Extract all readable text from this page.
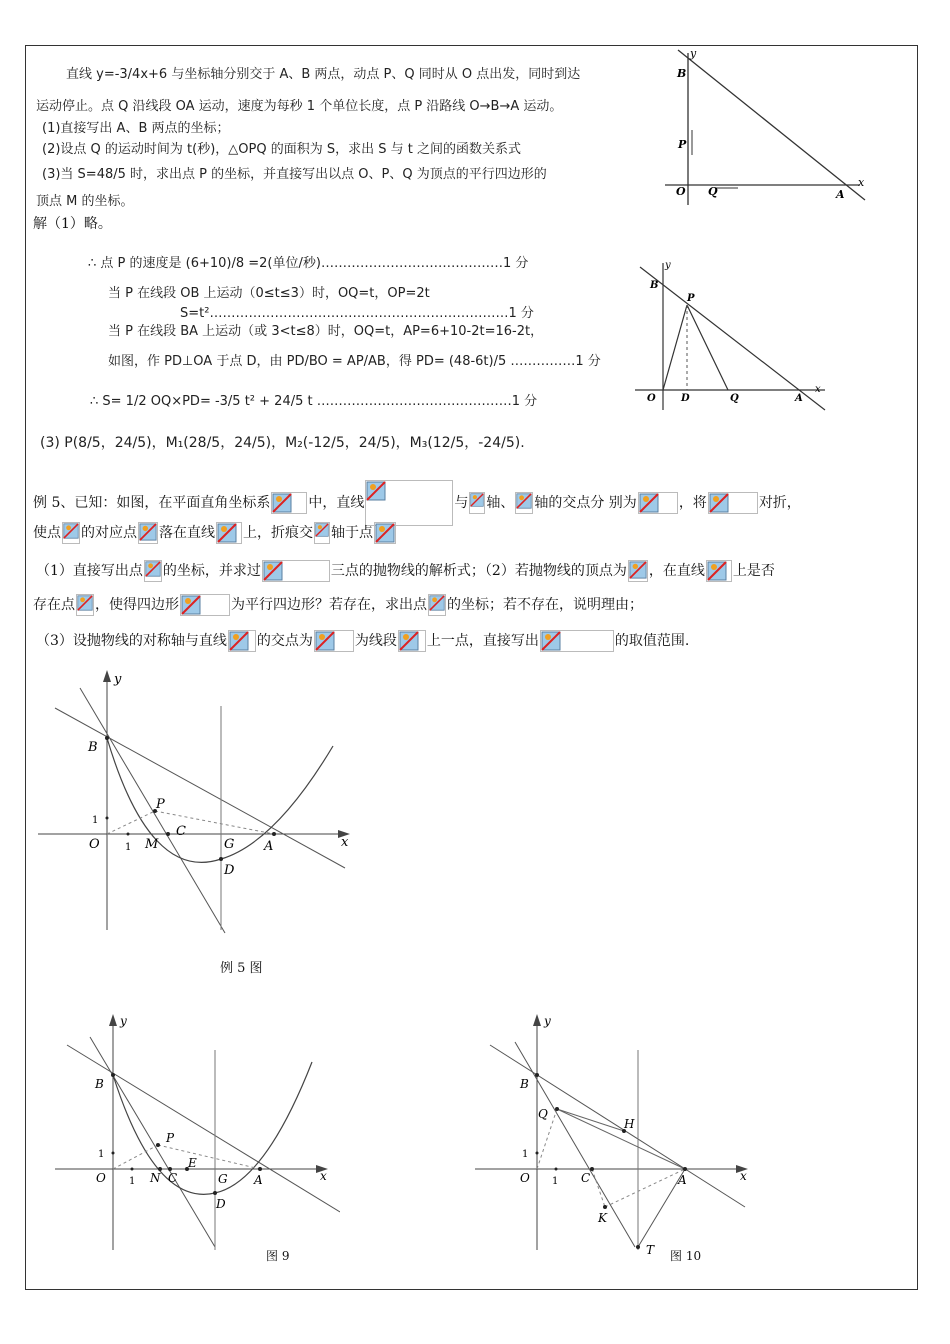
直线 y=-3/4x+6 与坐标轴分别交于 A、B 两点，动点 P、Q 同时从 O 点出发，同时到达
运动停止。点 Q 沿线段 OA 运动，速度为每秒 1 个单位长度，点 P 沿路线 O→B→A 运动。
(1)直接写出 A、B 两点的坐标；
(2)设点 Q 的运动时间为 t(秒)，△OPQ 的面积为 S，求出 S 与 t 之间的函数关系式
(3)当 S=48/5 时，求出点 P 的坐标，并直接写出以点 O、P、Q 为顶点的平行四边形的
顶点 M 的坐标。
y
x
B
P
O Q	A
解（1）略。
∴ 点 P 的速度是 (6+10)/8 =2(单位/秒)……………………………………1 分
当 P 在线段 OB 上运动（0≤t≤3）时，OQ=t，OP=2t
S=t²……………………………………………………………1 分
当 P 在线段 BA 上运动（或 3<t≤8）时，OQ=t，AP=6+10-2t=16-2t，
如图，作 PD⊥OA 于点 D，由 PD/BO = AP/AB，得 PD= (48-6t)/5 ……………1 分
∴ S= 1/2 OQ×PD= -3/5 t² + 24/5 t ………………………………………1 分
(3) P(8/5，24/5)，M₁(28/5，24/5)，M₂(-12/5，24/5)，M₃(12/5，-24/5).
y
x
B
P
O	D	Q	A
例 5、已知：如图，在平面直角坐标系	中，直线	与 轴、 轴的交点分 别为	，将	对折，
使点 的对应点 落在直线 上，折痕交 轴于点
（1）直接写出点 的坐标，并求过	三点的抛物线的解析式；（2）若抛物线的顶点为 ，在直线 上是否
存在点 ，使得四边形	为平行四边形？若存在，求出点 的坐标；若不存在，说明理由；
（3）设抛物线的对称轴与直线 的交点为	为线段 上一点，直接写出	的取值范围.
y
x
B
P
C
O	M	G A
D
1
1
例 5 图
y
x
B
P
E
O	N C	G A
D
1
1
图 9
y
x
B
Q
H
O	C	A
K
T
1
1
图 10
